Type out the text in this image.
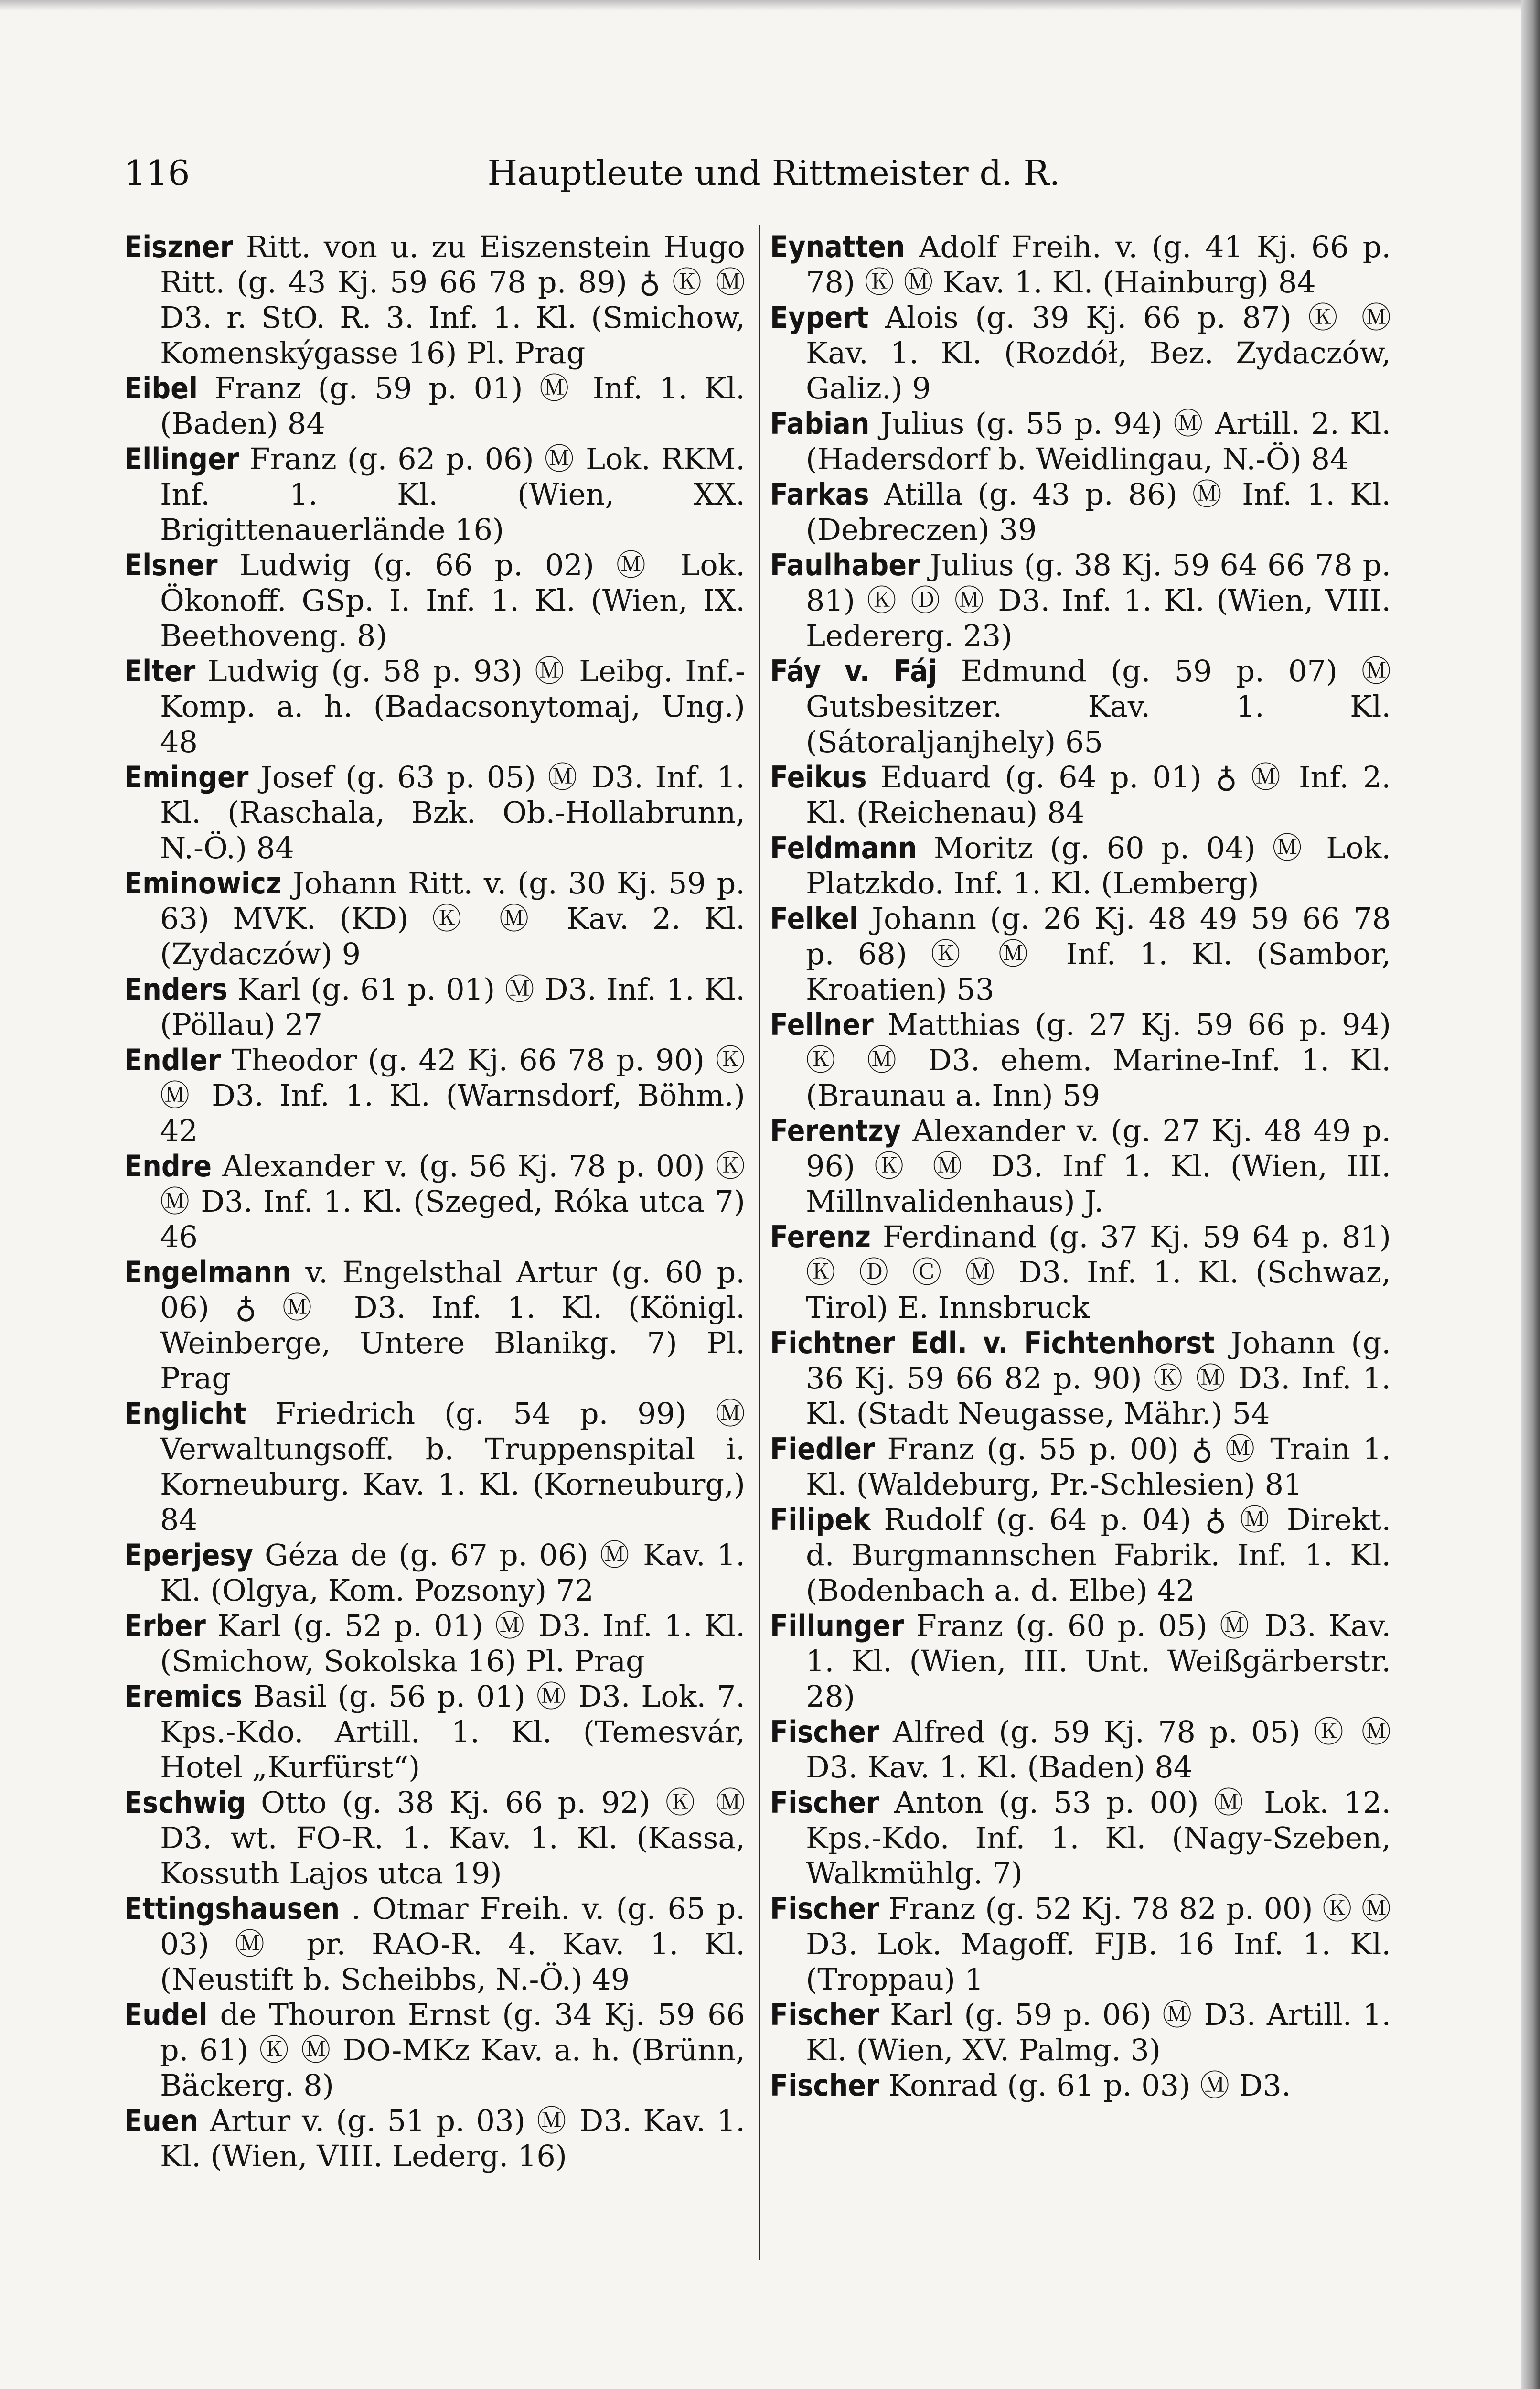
116	Hauptleute und Rittmeister d. R.

Eiszner Ritt. von u. zu Eiszenstein Hugo Ritt. (g. 43 Kj. 59 66 78 p. 89) ♁ Ⓚ Ⓜ D3. r. StO. R. 3. Inf. 1. Kl. (Smichow, Komenskýgasse 16) Pl. Prag

Eibel Franz (g. 59 p. 01) Ⓜ Inf. 1. Kl. (Baden) 84

Ellinger Franz (g. 62 p. 06) Ⓜ Lok. RKM. Inf. 1. Kl. (Wien, XX. Brigittenauerlände 16)

Elsner Ludwig (g. 66 p. 02) Ⓜ Lok. Ökonoff. GSp. I. Inf. 1. Kl. (Wien, IX. Beethoveng. 8)

Elter Ludwig (g. 58 p. 93) Ⓜ Leibg. Inf.-Komp. a. h. (Badacsonytomaj, Ung.) 48

Eminger Josef (g. 63 p. 05) Ⓜ D3. Inf. 1. Kl. (Raschala, Bzk. Ob.-Hollabrunn, N.-Ö.) 84

Eminowicz Johann Ritt. v. (g. 30 Kj. 59 p. 63) MVK. (KD) Ⓚ Ⓜ Kav. 2. Kl. (Zydaczów) 9

Enders Karl (g. 61 p. 01) Ⓜ D3. Inf. 1. Kl. (Pöllau) 27

Endler Theodor (g. 42 Kj. 66 78 p. 90) Ⓚ Ⓜ D3. Inf. 1. Kl. (Warnsdorf, Böhm.) 42

Endre Alexander v. (g. 56 Kj. 78 p. 00) Ⓚ Ⓜ D3. Inf. 1. Kl. (Szeged, Róka utca 7) 46

Engelmann v. Engelsthal Artur (g. 60 p. 06) ♁ Ⓜ D3. Inf. 1. Kl. (Königl. Weinberge, Untere Blanikg. 7) Pl. Prag

Englicht Friedrich (g. 54 p. 99) Ⓜ Verwaltungsoff. b. Truppenspital i. Korneuburg. Kav. 1. Kl. (Korneuburg,) 84

Eperjesy Géza de (g. 67 p. 06) Ⓜ Kav. 1. Kl. (Olgya, Kom. Pozsony) 72

Erber Karl (g. 52 p. 01) Ⓜ D3. Inf. 1. Kl. (Smichow, Sokolska 16) Pl. Prag

Eremics Basil (g. 56 p. 01) Ⓜ D3. Lok. 7. Kps.-Kdo. Artill. 1. Kl. (Temesvár, Hotel „Kurfürst“)

Eschwig Otto (g. 38 Kj. 66 p. 92) Ⓚ Ⓜ D3. wt. FO-R. 1. Kav. 1. Kl. (Kassa, Kossuth Lajos utca 19)

Ettingshausen . Otmar Freih. v. (g. 65 p. 03) Ⓜ pr. RAO-R. 4. Kav. 1. Kl. (Neustift b. Scheibbs, N.-Ö.) 49

Eudel de Thouron Ernst (g. 34 Kj. 59 66 p. 61) Ⓚ Ⓜ DO-MKz Kav. a. h. (Brünn, Bäckerg. 8)

Euen Artur v. (g. 51 p. 03) Ⓜ D3. Kav. 1. Kl. (Wien, VIII. Lederg. 16)

Eynatten Adolf Freih. v. (g. 41 Kj. 66 p. 78) Ⓚ Ⓜ Kav. 1. Kl. (Hainburg) 84

Eypert Alois (g. 39 Kj. 66 p. 87) Ⓚ Ⓜ Kav. 1. Kl. (Rozdół, Bez. Zydaczów, Galiz.) 9

Fabian Julius (g. 55 p. 94) Ⓜ Artill. 2. Kl. (Hadersdorf b. Weidlingau, N.-Ö) 84

Farkas Atilla (g. 43 p. 86) Ⓜ Inf. 1. Kl. (Debreczen) 39

Faulhaber Julius (g. 38 Kj. 59 64 66 78 p. 81) Ⓚ Ⓓ Ⓜ D3. Inf. 1. Kl. (Wien, VIII. Ledererg. 23)

Fáy v. Fáj Edmund (g. 59 p. 07) Ⓜ Gutsbesitzer. Kav. 1. Kl. (Sátoraljanjhely) 65

Feikus Eduard (g. 64 p. 01) ♁ Ⓜ Inf. 2. Kl. (Reichenau) 84

Feldmann Moritz (g. 60 p. 04) Ⓜ Lok. Platzkdo. Inf. 1. Kl. (Lemberg)

Felkel Johann (g. 26 Kj. 48 49 59 66 78 p. 68) Ⓚ Ⓜ Inf. 1. Kl. (Sambor, Kroatien) 53

Fellner Matthias (g. 27 Kj. 59 66 p. 94) Ⓚ Ⓜ D3. ehem. Marine-Inf. 1. Kl. (Braunau a. Inn) 59

Ferentzy Alexander v. (g. 27 Kj. 48 49 p. 96) Ⓚ Ⓜ D3. Inf 1. Kl. (Wien, III. Millnvalidenhaus) J.

Ferenz Ferdinand (g. 37 Kj. 59 64 p. 81) Ⓚ Ⓓ Ⓒ Ⓜ D3. Inf. 1. Kl. (Schwaz, Tirol) E. Innsbruck

Fichtner Edl. v. Fichtenhorst Johann (g. 36 Kj. 59 66 82 p. 90) Ⓚ Ⓜ D3. Inf. 1. Kl. (Stadt Neugasse, Mähr.) 54

Fiedler Franz (g. 55 p. 00) ♁ Ⓜ Train 1. Kl. (Waldeburg, Pr.-Schlesien) 81

Filipek Rudolf (g. 64 p. 04) ♁ Ⓜ Direkt. d. Burgmannschen Fabrik. Inf. 1. Kl. (Bodenbach a. d. Elbe) 42

Fillunger Franz (g. 60 p. 05) Ⓜ D3. Kav. 1. Kl. (Wien, III. Unt. Weißgärberstr. 28)

Fischer Alfred (g. 59 Kj. 78 p. 05) Ⓚ Ⓜ D3. Kav. 1. Kl. (Baden) 84

Fischer Anton (g. 53 p. 00) Ⓜ Lok. 12. Kps.-Kdo. Inf. 1. Kl. (Nagy-Szeben, Walkmühlg. 7)

Fischer Franz (g. 52 Kj. 78 82 p. 00) Ⓚ Ⓜ D3. Lok. Magoff. FJB. 16 Inf. 1. Kl. (Troppau) 1

Fischer Karl (g. 59 p. 06) Ⓜ D3. Artill. 1. Kl. (Wien, XV. Palmg. 3)

Fischer Konrad (g. 61 p. 03) Ⓜ D3.
